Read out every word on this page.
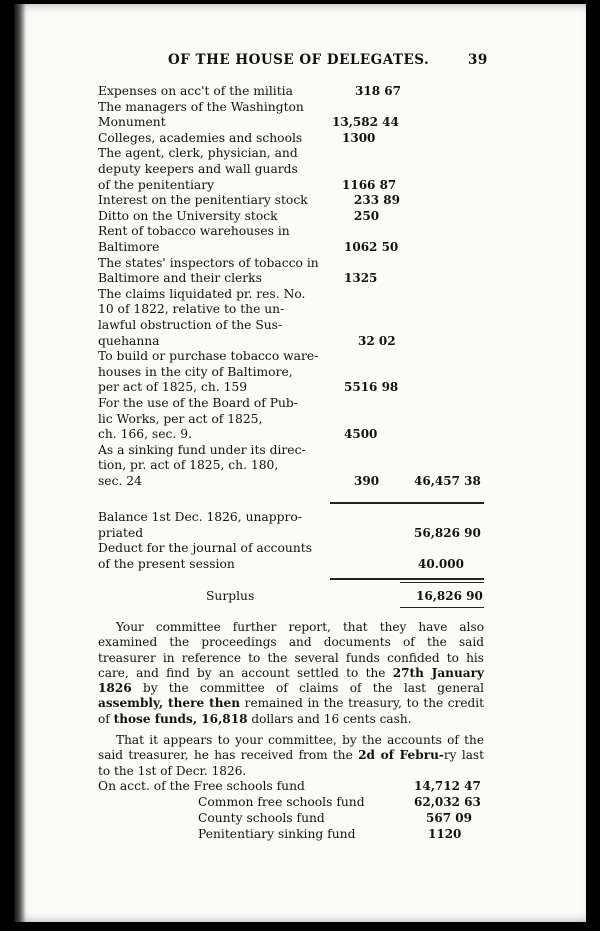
OF THE HOUSE OF DELEGATES.	39
Expenses on acc't of the militia	318 67
The managers of the Washington
Monument	13,582 44
Colleges, academies and schools	1300
The agent, clerk, physician, and
deputy keepers and wall guards
of the penitentiary	1166 87
Interest on the penitentiary stock	233 89
Ditto on the University stock	250
Rent of tobacco warehouses in
Baltimore	1062 50
The states' inspectors of tobacco in
Baltimore and their clerks	1325
The claims liquidated pr. res. No.
10 of 1822, relative to the un-
lawful obstruction of the Sus-
quehanna	32 02
To build or purchase tobacco ware-
houses in the city of Baltimore,
per act of 1825, ch. 159	5516 98
For the use of the Board of Pub-
lic Works, per act of 1825,
ch. 166, sec. 9.	4500
As a sinking fund under its direc-
tion, pr. act of 1825, ch. 180,
sec. 24	390	46,457 38
Balance 1st Dec. 1826, unappro-
priated	56,826 90
Deduct for the journal of accounts
of the present session	40.000
Surplus	16,826 90
Your committee further report, that they have also examined the proceedings and documents of the said treasurer in reference to the several funds confided to his care, and find by an account settled to the 27th January 1826 by the committee of claims of the last general assembly, there then remained in the treasury, to the credit of those funds, 16,818 dollars and 16 cents cash.
That it appears to your committee, by the accounts of the said treasurer, he has received from the 2d of Febru-ry last to the 1st of Decr. 1826.
On acct. of the Free schools fund	14,712 47
Common free schools fund	62,032 63
County schools fund	567 09
Penitentiary sinking fund	1120
